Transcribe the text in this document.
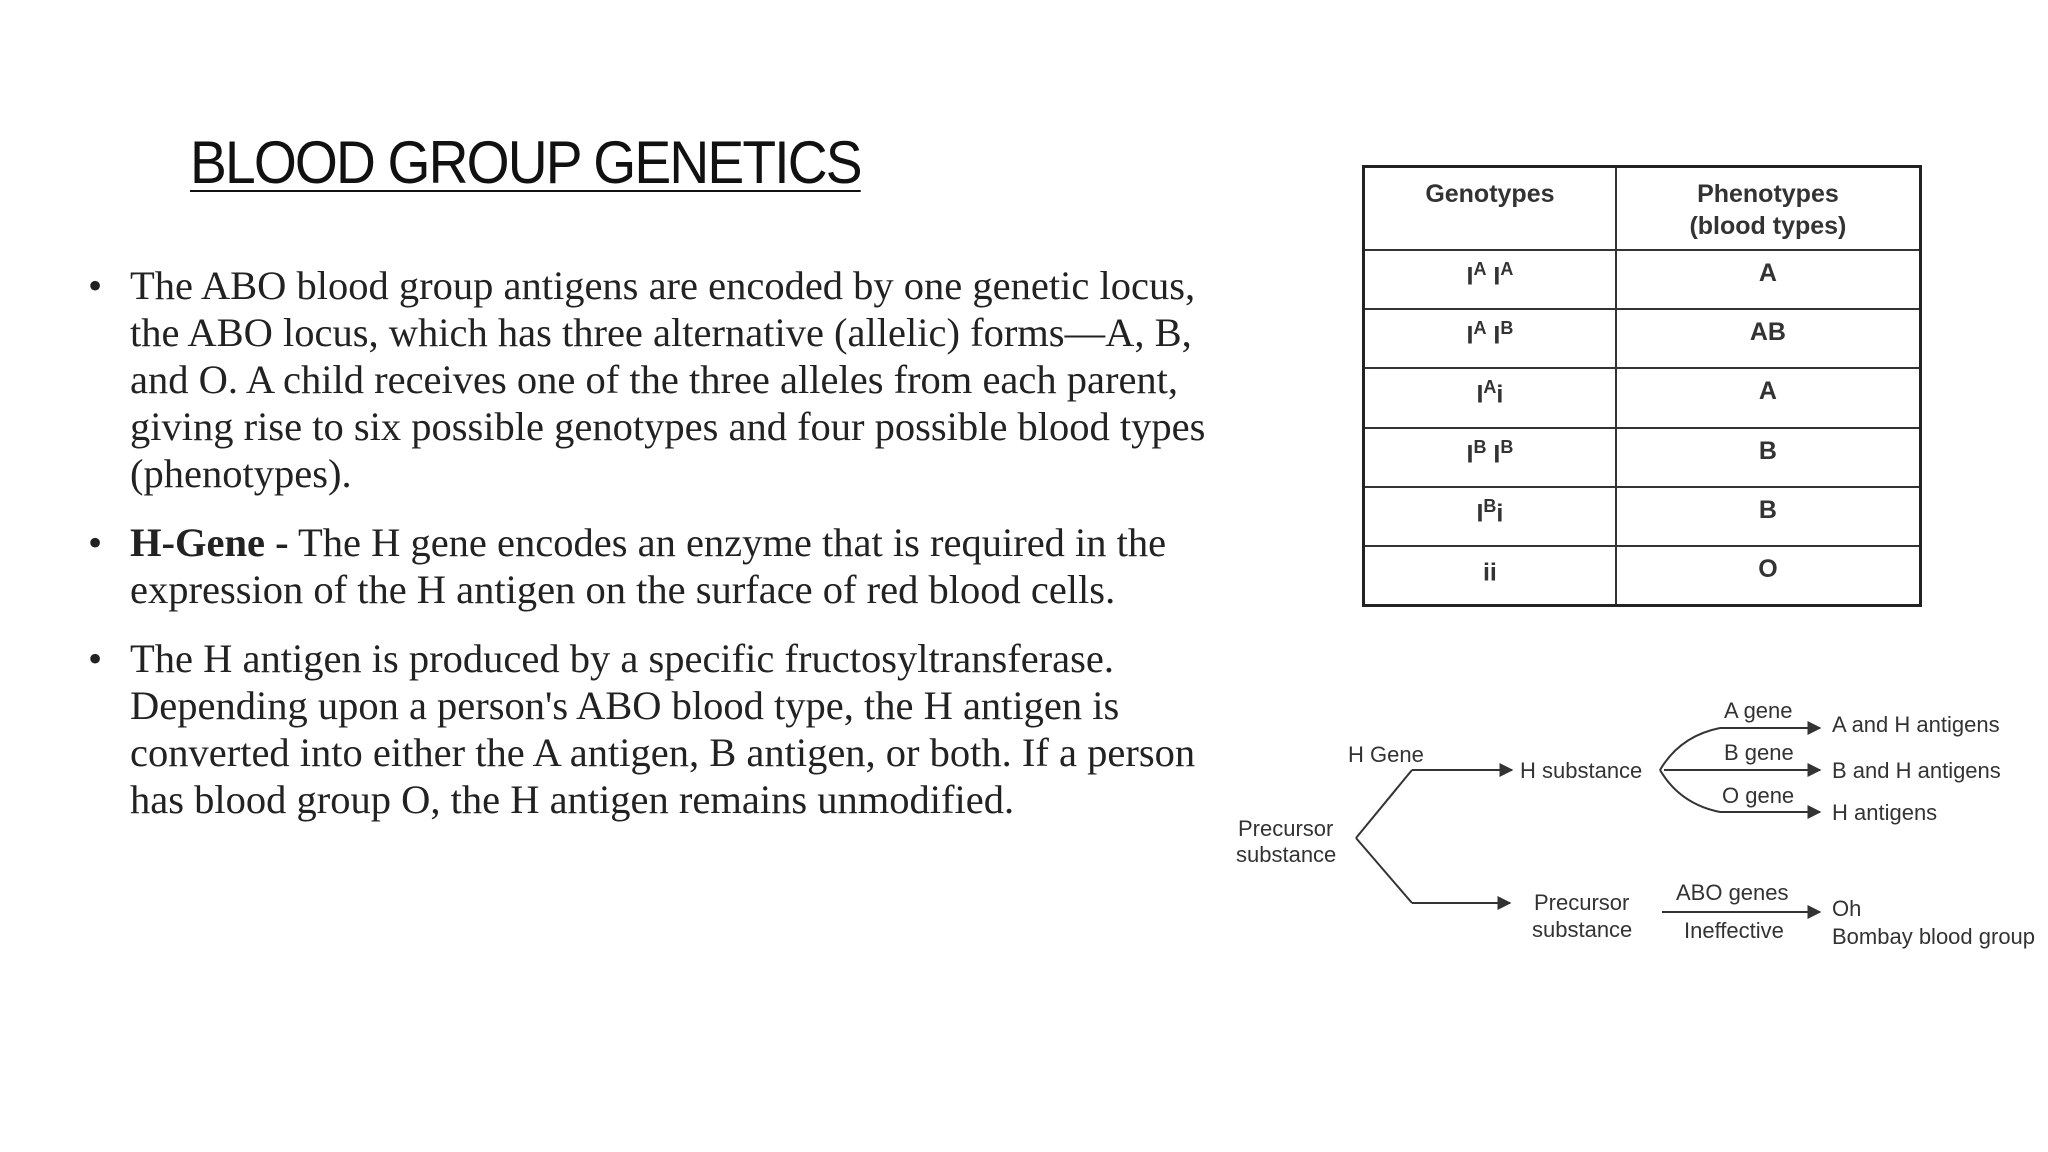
BLOOD GROUP GENETICS
• The ABO blood group antigens are encoded by one genetic locus, the ABO locus, which has three alternative (allelic) forms—A, B, and O. A child receives one of the three alleles from each parent, giving rise to six possible genotypes and four possible blood types (phenotypes).
• H-Gene - The H gene encodes an enzyme that is required in the expression of the H antigen on the surface of red blood cells.
• The H antigen is produced by a specific fructosyltransferase. Depending upon a person's ABO blood type, the H antigen is converted into either the A antigen, B antigen, or both. If a person has blood group O, the H antigen remains unmodified.
Genotypes	Phenotypes
(blood types)
$I^A$ $I^A$	A
$I^A$ $I^B$	AB
$I^Ai$	A
$I^B$ $I^B$	B
$I^Bi$	B
ii	O
Precursor
substance
H Gene
H substance
A gene
B gene
O gene
A and H antigens
B and H antigens
H antigens
Precursor
substance
ABO genes
Ineffective
Oh
Bombay blood group
